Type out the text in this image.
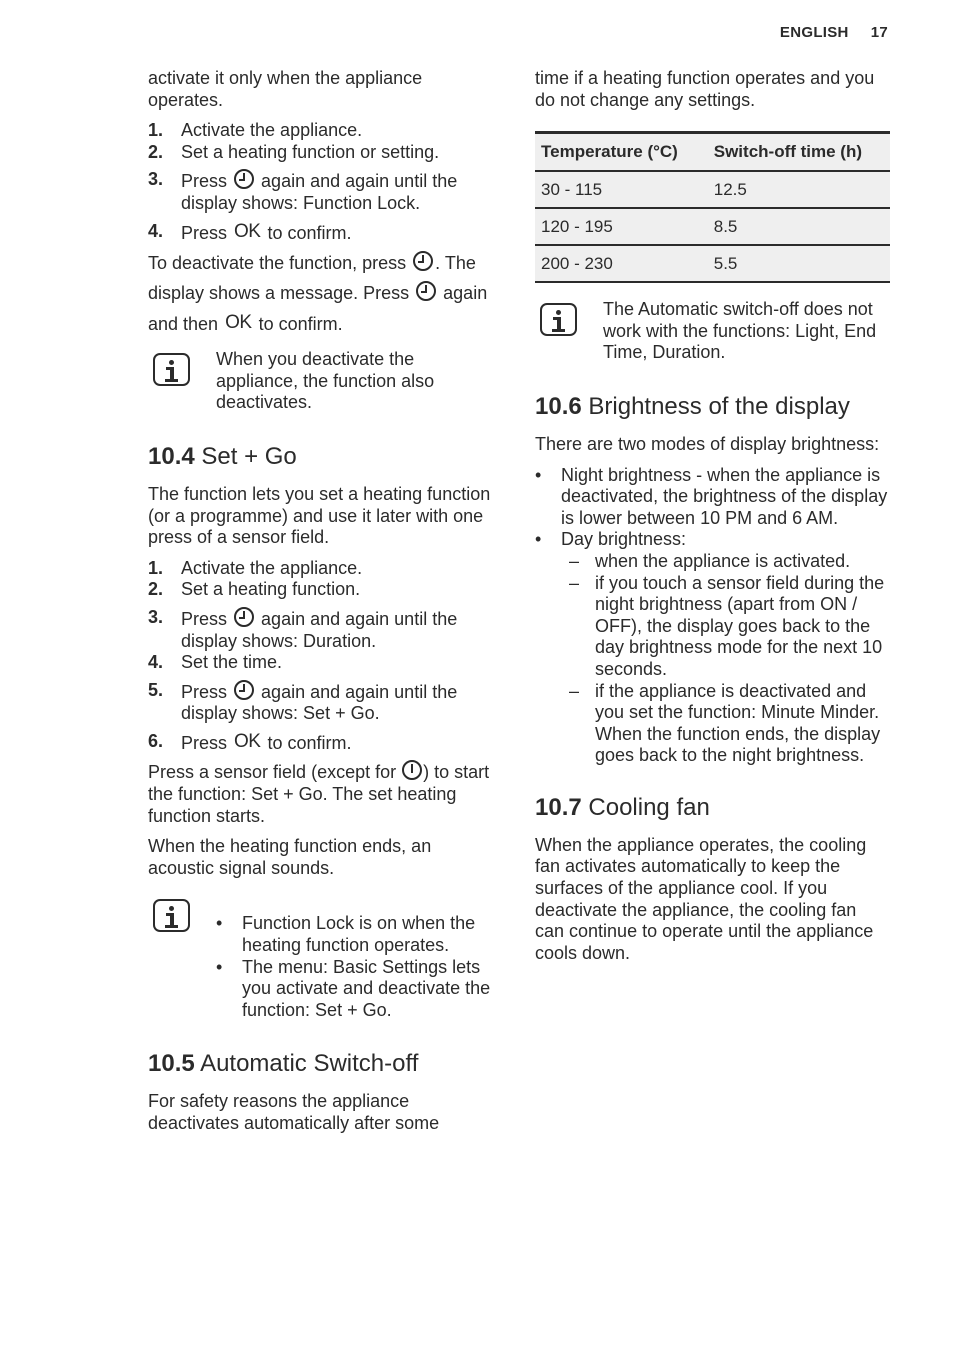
ENGLISH 17

activate it only when the appliance operates.

1. Activate the appliance.
2. Set a heating function or setting.
3. Press again and again until the display shows: Function Lock.
4. Press OK to confirm.

To deactivate the function, press . The display shows a message. Press again and then OK to confirm.

When you deactivate the appliance, the function also deactivates.
10.4 Set + Go

The function lets you set a heating function (or a programme) and use it later with one press of a sensor field.

1. Activate the appliance.
2. Set a heating function.
3. Press again and again until the display shows: Duration.
4. Set the time.
5. Press again and again until the display shows: Set + Go.
6. Press OK to confirm.

Press a sensor field (except for ) to start the function: Set + Go. The set heating function starts.

When the heating function ends, an acoustic signal sounds.

• Function Lock is on when the heating function operates.
• The menu: Basic Settings lets you activate and deactivate the function: Set + Go.
10.5 Automatic Switch-off

For safety reasons the appliance deactivates automatically after some

time if a heating function operates and you do not change any settings.

Temperature (°C)	Switch-off time (h)
30 - 115	12.5
120 - 195	8.5
200 - 230	5.5
The Automatic switch-off does not work with the functions: Light, End Time, Duration.
10.6 Brightness of the display

There are two modes of display brightness:

• Night brightness - when the appliance is deactivated, the brightness of the display is lower between 10 PM and 6 AM.
• Day brightness:
– when the appliance is activated.
– if you touch a sensor field during the night brightness (apart from ON / OFF), the display goes back to the day brightness mode for the next 10 seconds.
– if the appliance is deactivated and you set the function: Minute Minder. When the function ends, the display goes back to the night brightness.
10.7 Cooling fan

When the appliance operates, the cooling fan activates automatically to keep the surfaces of the appliance cool. If you deactivate the appliance, the cooling fan can continue to operate until the appliance cools down.
